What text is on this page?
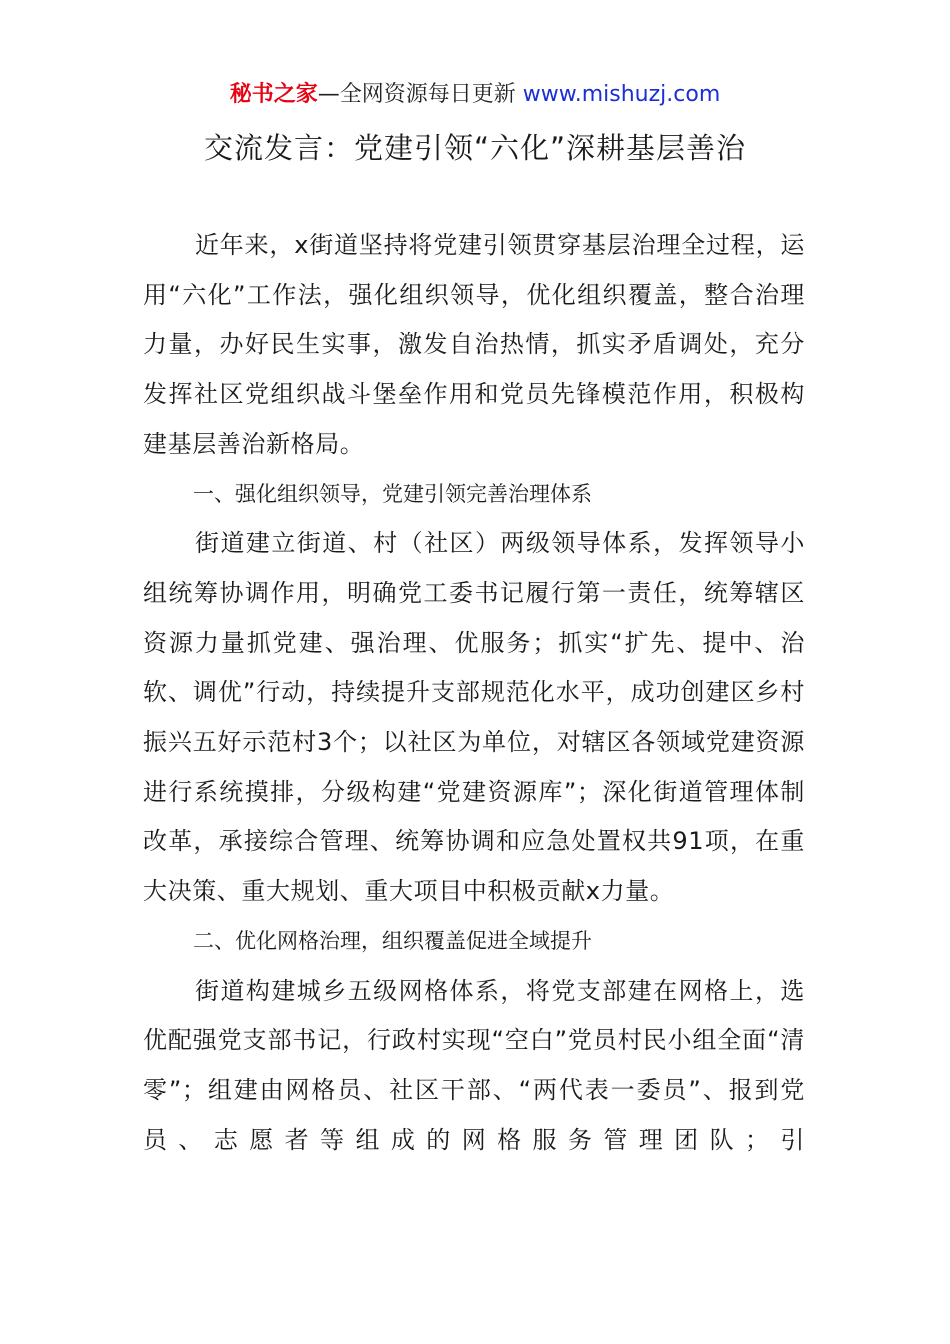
秘书之家—全网资源每日更新 www.mishuzj.com
交流发言：党建引领“六化”深耕基层善治

近年来，x街道坚持将党建引领贯穿基层治理全过程，运用“六化”工作法，强化组织领导，优化组织覆盖，整合治理力量，办好民生实事，激发自治热情，抓实矛盾调处，充分发挥社区党组织战斗堡垒作用和党员先锋模范作用，积极构建基层善治新格局。

一、强化组织领导，党建引领完善治理体系

街道建立街道、村（社区）两级领导体系，发挥领导小组统筹协调作用，明确党工委书记履行第一责任，统筹辖区资源力量抓党建、强治理、优服务；抓实“扩先、提中、治软、调优”行动，持续提升支部规范化水平，成功创建区乡村振兴五好示范村3个；以社区为单位，对辖区各领域党建资源进行系统摸排，分级构建“党建资源库”；深化街道管理体制改革，承接综合管理、统筹协调和应急处置权共91项，在重大决策、重大规划、重大项目中积极贡献x力量。

二、优化网格治理，组织覆盖促进全域提升

街道构建城乡五级网格体系，将党支部建在网格上，选优配强党支部书记，行政村实现“空白”党员村民小组全面“清零”；组建由网格员、社区干部、“两代表一委员”、报到党员、志愿者等组成的网格服务管理团队；引
